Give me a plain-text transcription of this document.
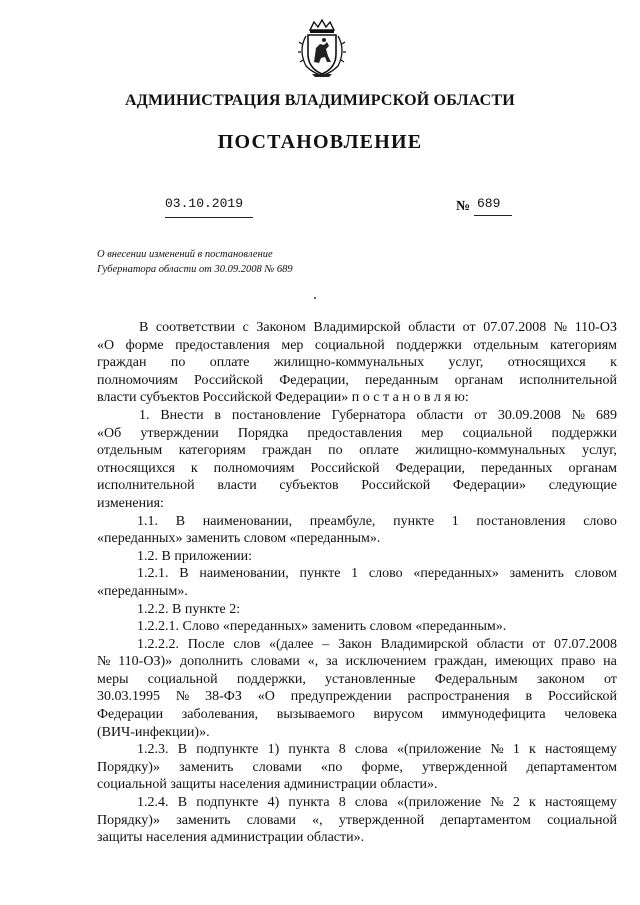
АДМИНИСТРАЦИЯ ВЛАДИМИРСКОЙ ОБЛАСТИ
ПОСТАНОВЛЕНИЕ
03.10.2019	№ 689
О внесении изменений в постановление
Губернатора области от 30.09.2008 № 689
В соответствии с Законом Владимирской области от 07.07.2008 № 110-ОЗ
«О форме предоставления мер социальной поддержки отдельным категориям
граждан по оплате жилищно-коммунальных услуг, относящихся к
полномочиям Российской Федерации, переданным органам исполнительной
власти субъектов Российской Федерации» п о с т а н о в л я ю:
1. Внести в постановление Губернатора области от 30.09.2008 № 689
«Об утверждении Порядка предоставления мер социальной поддержки
отдельным категориям граждан по оплате жилищно-коммунальных услуг,
относящихся к полномочиям Российской Федерации, переданных органам
исполнительной власти субъектов Российской Федерации» следующие
изменения:
1.1. В наименовании, преамбуле, пункте 1 постановления слово
«переданных» заменить словом «переданным».
1.2. В приложении:
1.2.1. В наименовании, пункте 1 слово «переданных» заменить словом
«переданным».
1.2.2. В пункте 2:
1.2.2.1. Слово «переданных» заменить словом «переданным».
1.2.2.2. После слов «(далее – Закон Владимирской области от 07.07.2008
№ 110-ОЗ)» дополнить словами «, за исключением граждан, имеющих право на
меры социальной поддержки, установленные Федеральным законом от
30.03.1995 № 38-ФЗ «О предупреждении распространения в Российской
Федерации заболевания, вызываемого вирусом иммунодефицита человека
(ВИЧ-инфекции)».
1.2.3. В подпункте 1) пункта 8 слова «(приложение № 1 к настоящему
Порядку)» заменить словами «по форме, утвержденной департаментом
социальной защиты населения администрации области».
1.2.4. В подпункте 4) пункта 8 слова «(приложение № 2 к настоящему
Порядку)» заменить словами «, утвержденной департаментом социальной
защиты населения администрации области».
